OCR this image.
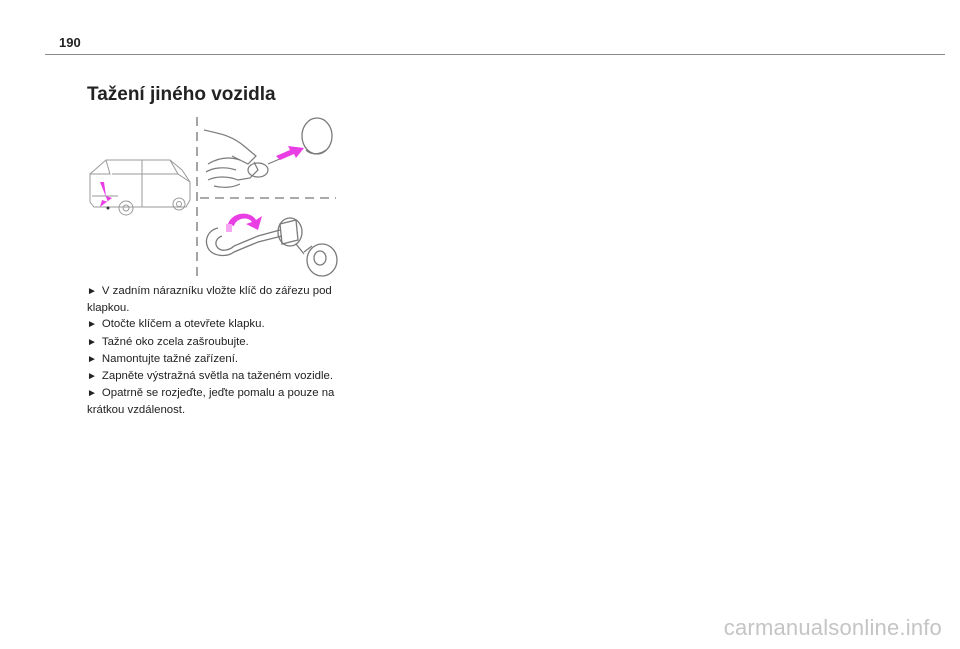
190
Tažení jiného vozidla

► V zadním nárazníku vložte klíč do zářezu pod klapkou.

► Otočte klíčem a otevřete klapku.

► Tažné oko zcela zašroubujte.

► Namontujte tažné zařízení.

► Zapněte výstražná světla na taženém vozidle.

► Opatrně se rozjeďte, jeďte pomalu a pouze na krátkou vzdálenost.

carmanualsonline.info
